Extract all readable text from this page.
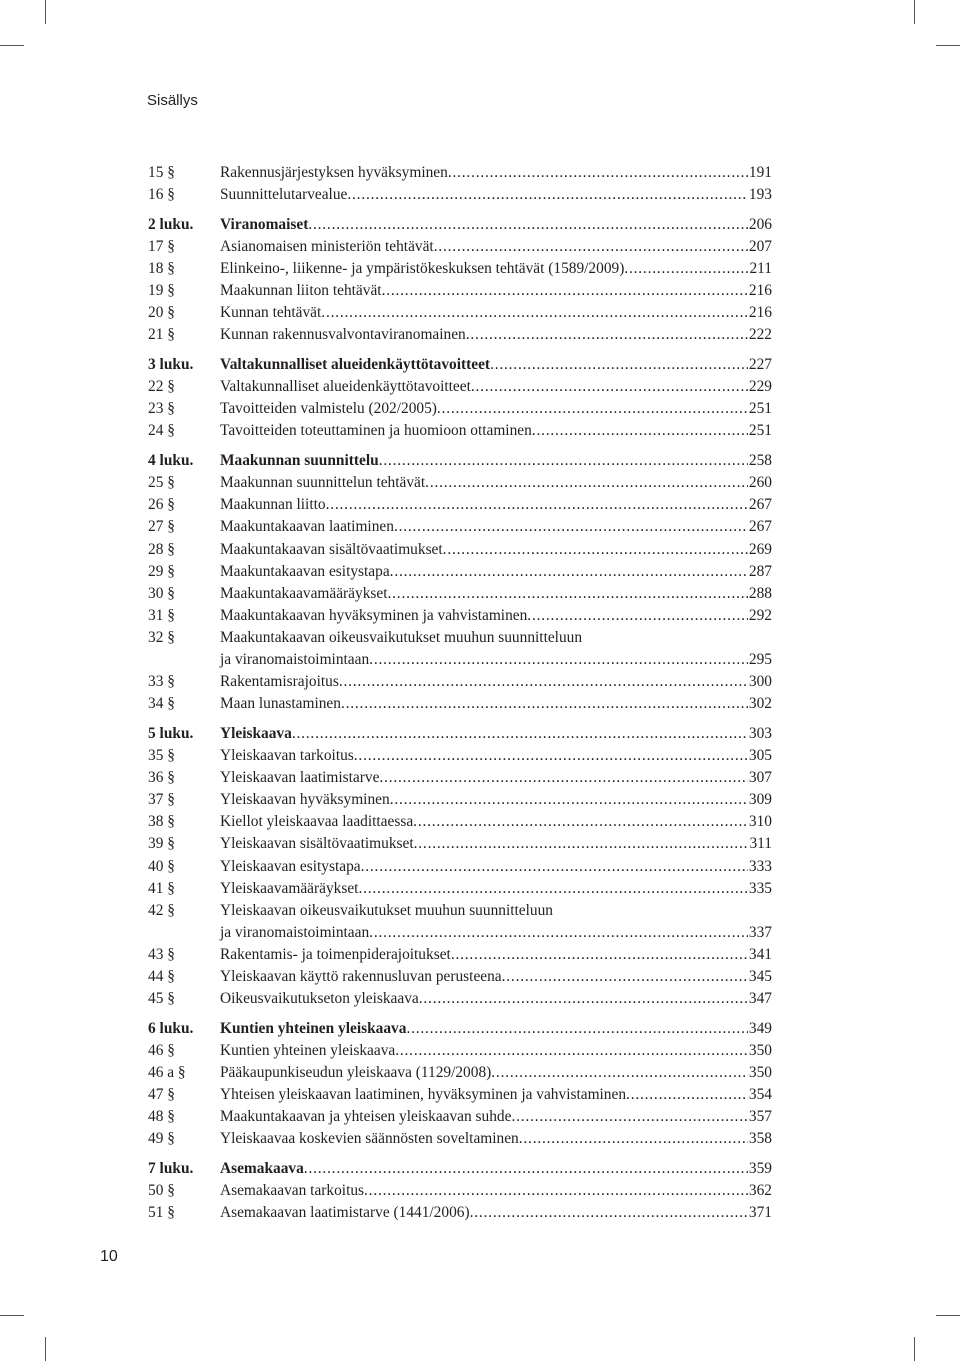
Sisällys
15 §	Rakennusjärjestyksen hyväksyminen .....	191
16 §	Suunnittelutarvealue .....	193
2 luku.	Viranomaiset .....	206
17 §	Asianomaisen ministeriön tehtävät .....	207
18 §	Elinkeino-, liikenne- ja ympäristökeskuksen tehtävät (1589/2009) .....	211
19 §	Maakunnan liiton tehtävät .....	216
20 §	Kunnan tehtävät .....	216
21 §	Kunnan rakennusvalvontaviranomainen .....	222
3 luku.	Valtakunnalliset alueidenkäyttötavoitteet .....	227
22 §	Valtakunnalliset alueidenkäyttötavoitteet .....	229
23 §	Tavoitteiden valmistelu (202/2005) .....	251
24 §	Tavoitteiden toteuttaminen ja huomioon ottaminen .....	251
4 luku.	Maakunnan suunnittelu .....	258
25 §	Maakunnan suunnittelun tehtävät .....	260
26 §	Maakunnan liitto .....	267
27 §	Maakuntakaavan laatiminen .....	267
28 §	Maakuntakaavan sisältövaatimukset .....	269
29 §	Maakuntakaavan esitystapa .....	287
30 §	Maakuntakaavamääräykset .....	288
31 §	Maakuntakaavan hyväksyminen ja vahvistaminen .....	292
32 §	Maakuntakaavan oikeusvaikutukset muuhun suunnitteluun
ja viranomaistoimintaan .....	295
33 §	Rakentamisrajoitus .....	300
34 §	Maan lunastaminen .....	302
5 luku.	Yleiskaava .....	303
35 §	Yleiskaavan tarkoitus .....	305
36 §	Yleiskaavan laatimistarve .....	307
37 §	Yleiskaavan hyväksyminen .....	309
38 §	Kiellot yleiskaavaa laadittaessa .....	310
39 §	Yleiskaavan sisältövaatimukset .....	311
40 §	Yleiskaavan esitystapa .....	333
41 §	Yleiskaavamääräykset .....	335
42 §	Yleiskaavan oikeusvaikutukset muuhun suunnitteluun
ja viranomaistoimintaan .....	337
43 §	Rakentamis- ja toimenpiderajoitukset .....	341
44 §	Yleiskaavan käyttö rakennusluvan perusteena .....	345
45 §	Oikeusvaikutukseton yleiskaava .....	347
6 luku.	Kuntien yhteinen yleiskaava .....	349
46 §	Kuntien yhteinen yleiskaava .....	350
46 a §	Pääkaupunkiseudun yleiskaava (1129/2008) .....	350
47 §	Yhteisen yleiskaavan laatiminen, hyväksyminen ja vahvistaminen .....	354
48 §	Maakuntakaavan ja yhteisen yleiskaavan suhde .....	357
49 §	Yleiskaavaa koskevien säännösten soveltaminen .....	358
7 luku.	Asemakaava .....	359
50 §	Asemakaavan tarkoitus .....	362
51 §	Asemakaavan laatimistarve (1441/2006) .....	371
10
